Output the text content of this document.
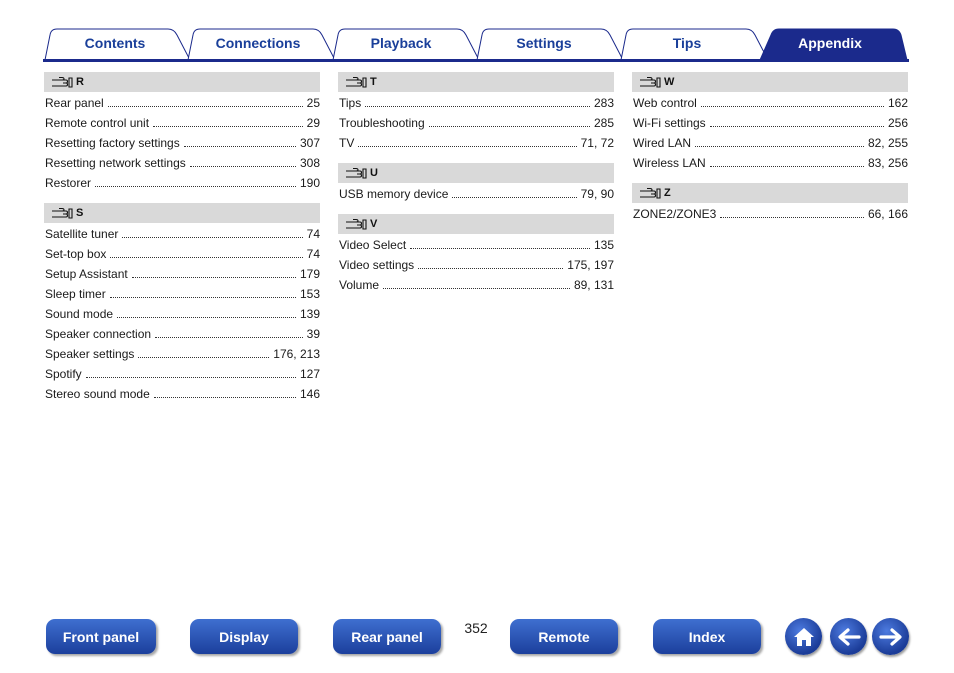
Contents	Connections	Playback	Settings	Tips	Appendix
R
Rear panel	25
Remote control unit	29
Resetting factory settings	307
Resetting network settings	308
Restorer	190
S
Satellite tuner	74
Set-top box	74
Setup Assistant	179
Sleep timer	153
Sound mode	139
Speaker connection	39
Speaker settings	176, 213
Spotify	127
Stereo sound mode	146
T
Tips	283
Troubleshooting	285
TV	71, 72
U
USB memory device	79, 90
V
Video Select	135
Video settings	175, 197
Volume	89, 131
W
Web control	162
Wi-Fi settings	256
Wired LAN	82, 255
Wireless LAN	83, 256
Z
ZONE2/ZONE3	66, 166
Front panel	Display	Rear panel
352
Remote	Index
